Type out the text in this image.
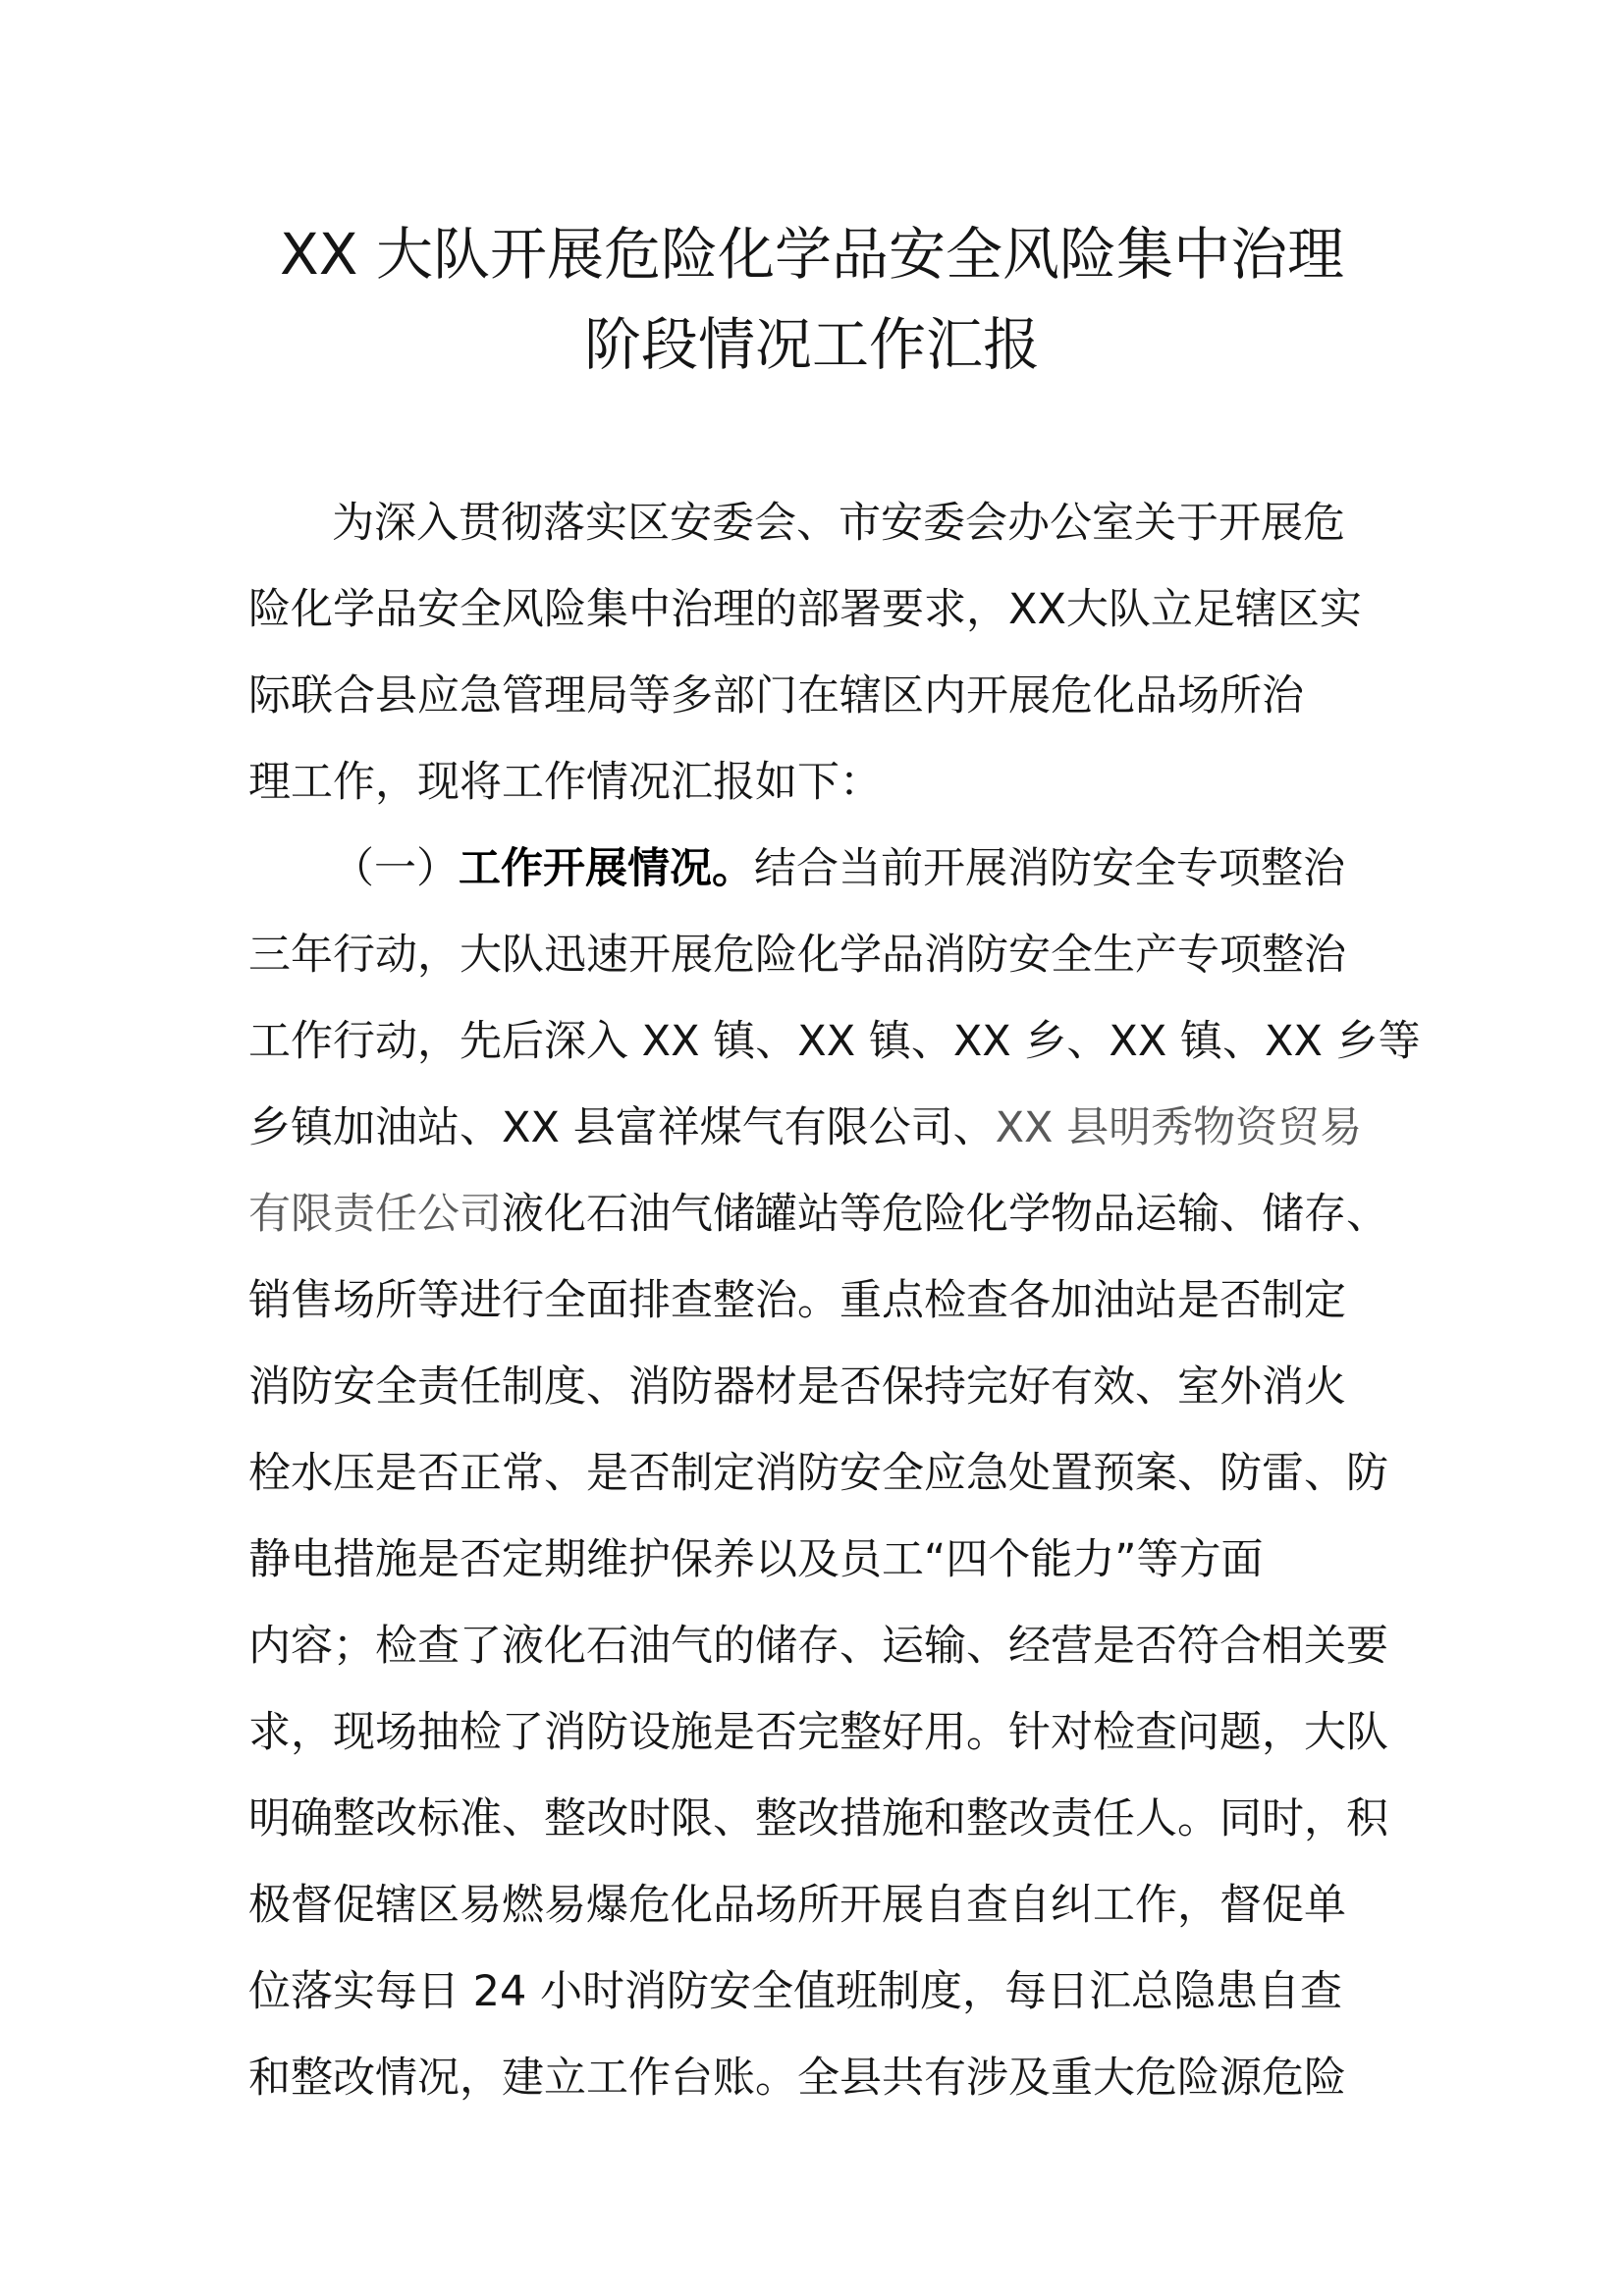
XX 大队开展危险化学品安全风险集中治理
阶段情况工作汇报
为深入贯彻落实区安委会、市安委会办公室关于开展危
险化学品安全风险集中治理的部署要求，XX大队立足辖区实
际联合县应急管理局等多部门在辖区内开展危化品场所治
理工作，现将工作情况汇报如下：
（一）工作开展情况。结合当前开展消防安全专项整治
三年行动，大队迅速开展危险化学品消防安全生产专项整治
工作行动，先后深入 XX 镇、XX 镇、XX 乡、XX 镇、XX 乡等
乡镇加油站、XX 县富祥煤气有限公司、XX 县明秀物资贸易
有限责任公司液化石油气储罐站等危险化学物品运输、储存、
销售场所等进行全面排查整治。重点检查各加油站是否制定
消防安全责任制度、消防器材是否保持完好有效、室外消火
栓水压是否正常、是否制定消防安全应急处置预案、防雷、防
静电措施是否定期维护保养以及员工“四个能力”等方面
内容；检查了液化石油气的储存、运输、经营是否符合相关要
求，现场抽检了消防设施是否完整好用。针对检查问题，大队
明确整改标准、整改时限、整改措施和整改责任人。同时，积
极督促辖区易燃易爆危化品场所开展自查自纠工作，督促单
位落实每日 24 小时消防安全值班制度，每日汇总隐患自查
和整改情况，建立工作台账。全县共有涉及重大危险源危险
